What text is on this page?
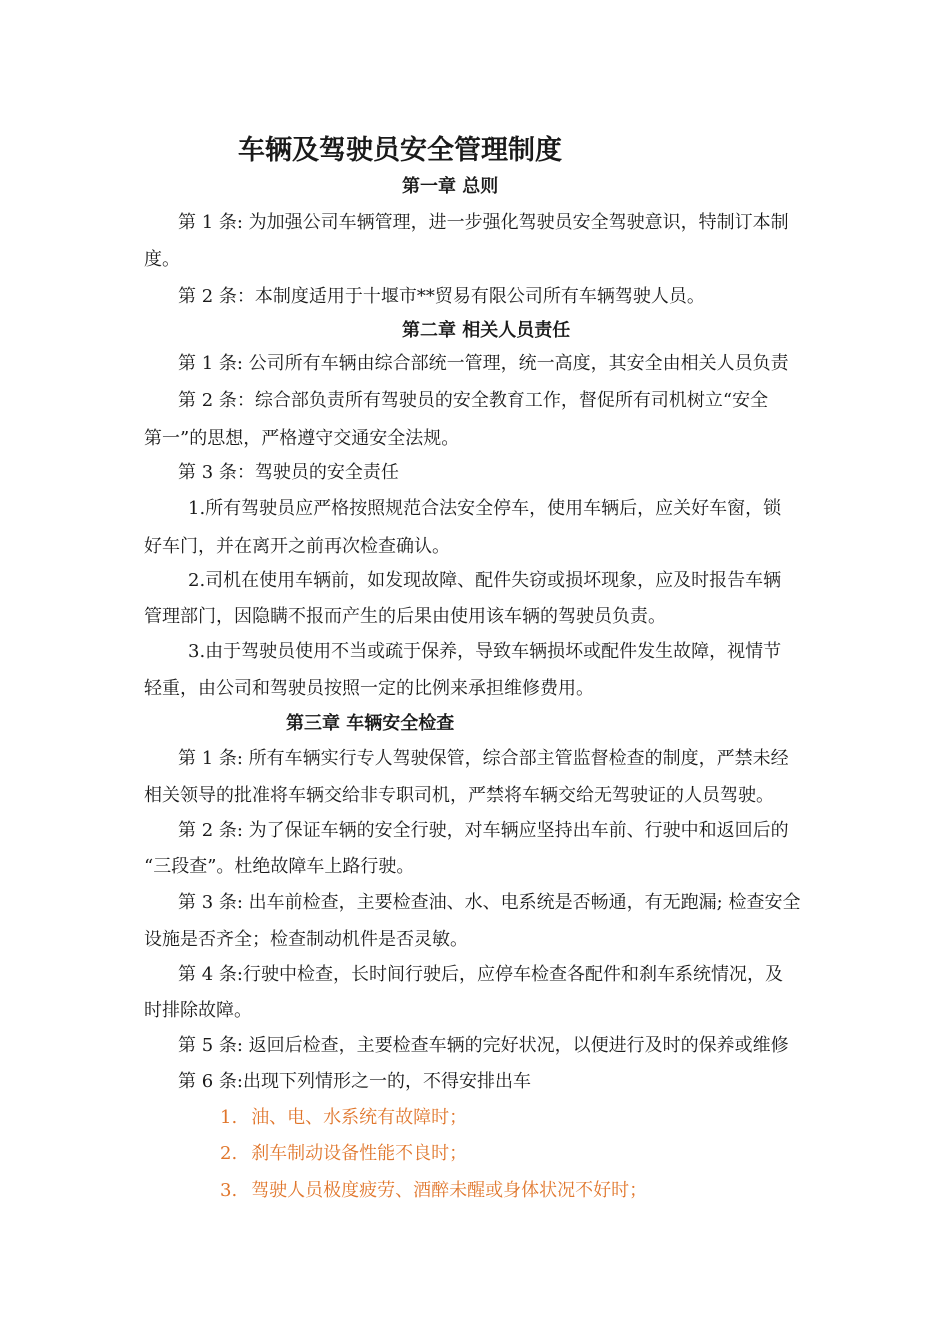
车辆及驾驶员安全管理制度
第一章 总则
第 1 条: 为加强公司车辆管理，进一步强化驾驶员安全驾驶意识，特制订本制
度。
第 2 条：本制度适用于十堰市**贸易有限公司所有车辆驾驶人员。
第二章 相关人员责任
第 1 条: 公司所有车辆由综合部统一管理，统一高度，其安全由相关人员负责
第 2 条：综合部负责所有驾驶员的安全教育工作，督促所有司机树立“安全
第一”的思想，严格遵守交通安全法规。
第 3 条：驾驶员的安全责任
1.所有驾驶员应严格按照规范合法安全停车，使用车辆后，应关好车窗，锁
好车门，并在离开之前再次检查确认。
2.司机在使用车辆前，如发现故障、配件失窃或损坏现象，应及时报告车辆
管理部门，因隐瞒不报而产生的后果由使用该车辆的驾驶员负责。
3.由于驾驶员使用不当或疏于保养，导致车辆损坏或配件发生故障，视情节
轻重，由公司和驾驶员按照一定的比例来承担维修费用。
第三章 车辆安全检查
第 1 条: 所有车辆实行专人驾驶保管，综合部主管监督检查的制度，严禁未经
相关领导的批准将车辆交给非专职司机，严禁将车辆交给无驾驶证的人员驾驶。
第 2 条: 为了保证车辆的安全行驶，对车辆应坚持出车前、行驶中和返回后的
“三段查”。杜绝故障车上路行驶。
第 3 条: 出车前检查，主要检查油、水、电系统是否畅通，有无跑漏; 检查安全
设施是否齐全；检查制动机件是否灵敏。
第 4 条:行驶中检查，长时间行驶后，应停车检查各配件和刹车系统情况，及
时排除故障。
第 5 条: 返回后检查，主要检查车辆的完好状况，以便进行及时的保养或维修
第 6 条:出现下列情形之一的，不得安排出车
1. 油、电、水系统有故障时；
2. 刹车制动设备性能不良时；
3. 驾驶人员极度疲劳、酒醉未醒或身体状况不好时；
